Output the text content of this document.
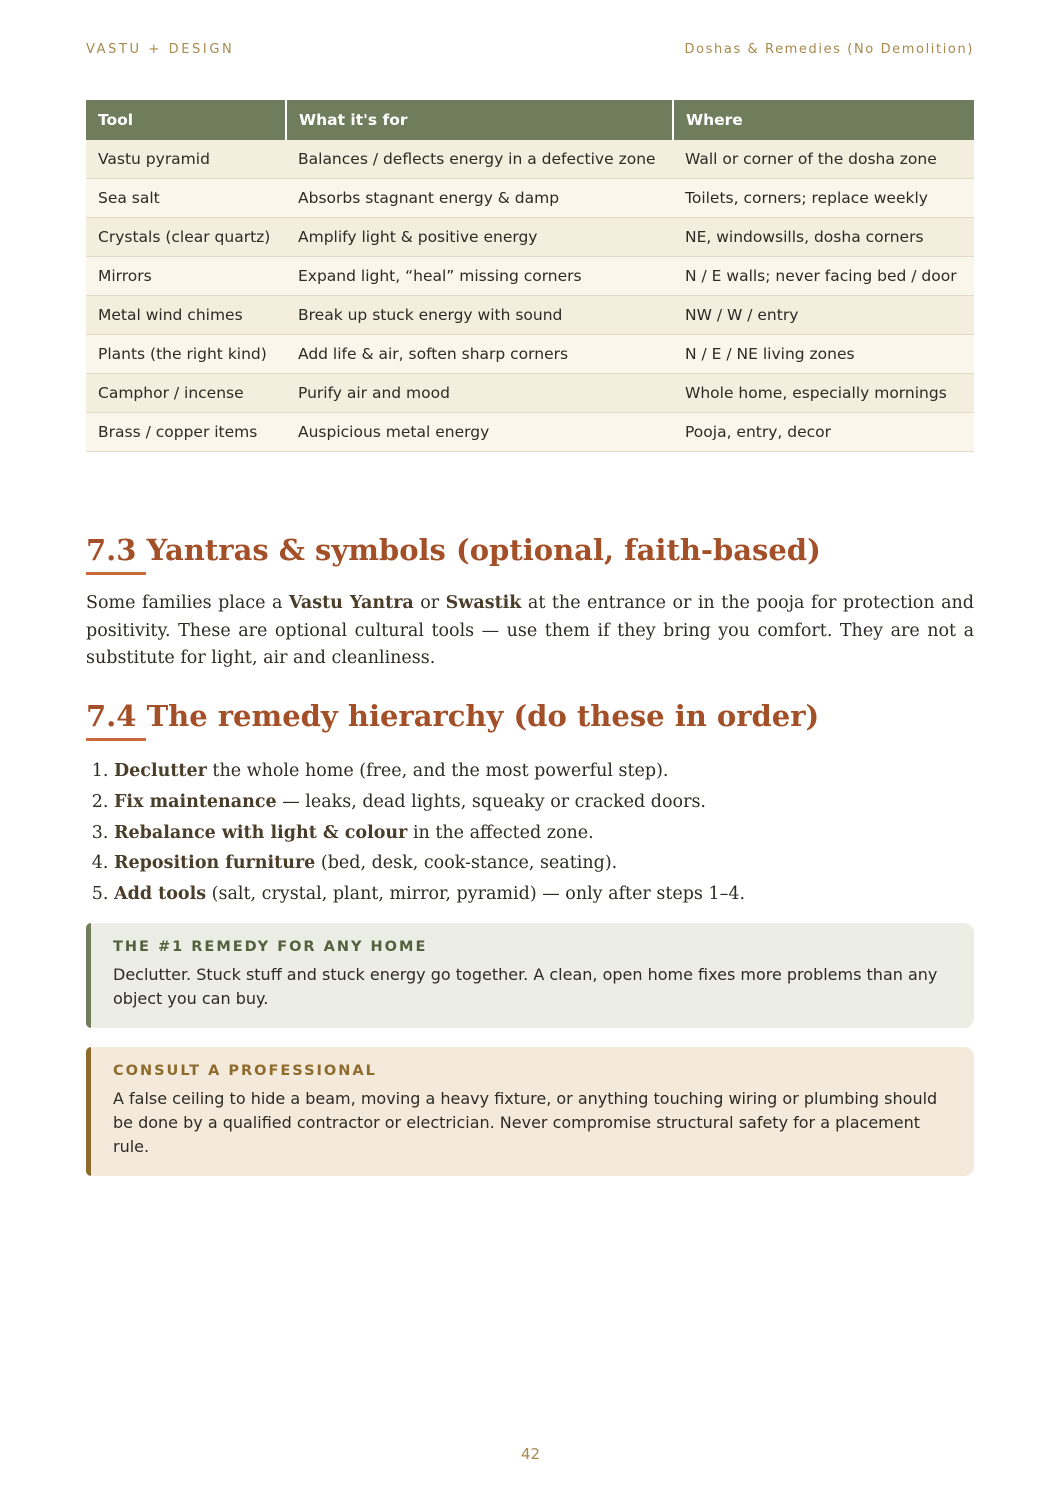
VASTU + DESIGN	Doshas & Remedies (No Demolition)
Tool	What it's for	Where
Vastu pyramid	Balances / deflects energy in a defective zone	Wall or corner of the dosha zone
Sea salt	Absorbs stagnant energy & damp	Toilets, corners; replace weekly
Crystals (clear quartz)	Amplify light & positive energy	NE, windowsills, dosha corners
Mirrors	Expand light, “heal” missing corners	N / E walls; never facing bed / door
Metal wind chimes	Break up stuck energy with sound	NW / W / entry
Plants (the right kind)	Add life & air, soften sharp corners	N / E / NE living zones
Camphor / incense	Purify air and mood	Whole home, especially mornings
Brass / copper items	Auspicious metal energy	Pooja, entry, decor
7.3 Yantras & symbols (optional, faith-based)

Some families place a Vastu Yantra or Swastik at the entrance or in the pooja for protection and positivity. These are optional cultural tools — use them if they bring you comfort. They are not a substitute for light, air and cleanliness.

7.4 The remedy hierarchy (do these in order)
1. Declutter the whole home (free, and the most powerful step).
2. Fix maintenance — leaks, dead lights, squeaky or cracked doors.
3. Rebalance with light & colour in the affected zone.
4. Reposition furniture (bed, desk, cook-stance, seating).
5. Add tools (salt, crystal, plant, mirror, pyramid) — only after steps 1–4.
THE #1 REMEDY FOR ANY HOME
Declutter. Stuck stuff and stuck energy go together. A clean, open home fixes more problems than any object you can buy.
CONSULT A PROFESSIONAL
A false ceiling to hide a beam, moving a heavy fixture, or anything touching wiring or plumbing should be done by a qualified contractor or electrician. Never compromise structural safety for a placement rule.
42
